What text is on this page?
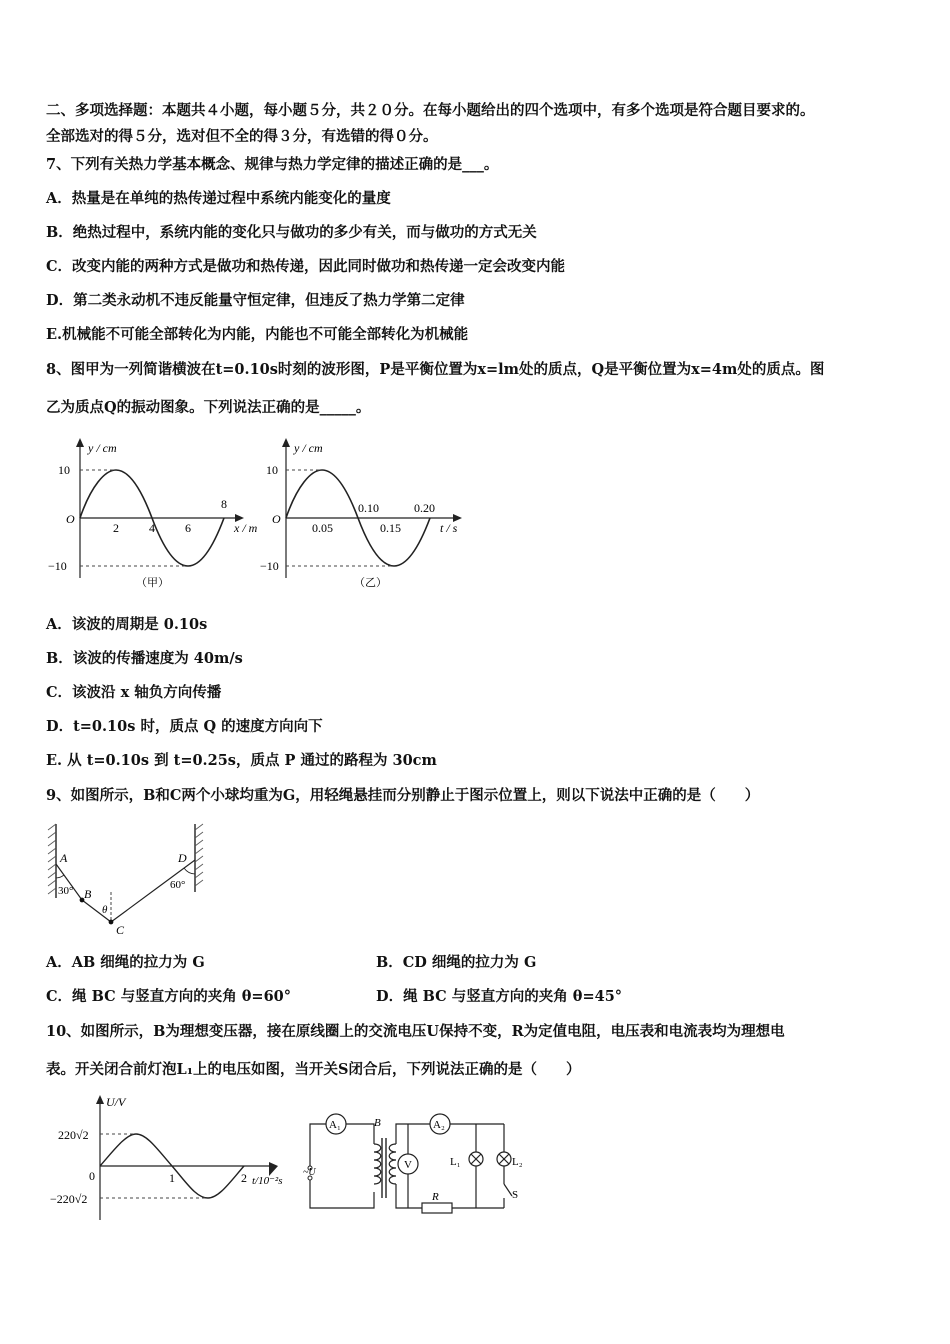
二、多项选择题：本题共４小题，每小题５分，共２０分。在每小题给出的四个选项中，有多个选项是符合题目要求的。
全部选对的得５分，选对但不全的得３分，有选错的得０分。
7、下列有关热力学基本概念、规律与热力学定律的描述正确的是___。
A．热量是在单纯的热传递过程中系统内能变化的量度
B．绝热过程中，系统内能的变化只与做功的多少有关，而与做功的方式无关
C．改变内能的两种方式是做功和热传递，因此同时做功和热传递一定会改变内能
D．第二类永动机不违反能量守恒定律，但违反了热力学第二定律
E.机械能不可能全部转化为内能，内能也不可能全部转化为机械能
8、图甲为一列简谐横波在t=0.10s时刻的波形图，P是平衡位置为x=lm处的质点，Q是平衡位置为x=4m处的质点。图
乙为质点Q的振动图象。下列说法正确的是_____。
y / cm
10
−10
O
2	4	6
8
x / m
（甲）
y / cm
10
−10
O
0.05
0.10
0.15
0.20
t / s
（乙）
A．该波的周期是 0.10s
B．该波的传播速度为 40m/s
C．该波沿 x 轴负方向传播
D．t=0.10s 时，质点 Q 的速度方向向下
E. 从 t=0.10s 到 t=0.25s，质点 P 通过的路程为 30cm
9、如图所示，B和C两个小球均重为G，用轻绳悬挂而分别静止于图示位置上，则以下说法中正确的是（　　）
A
B
C
D
30°	60°
θ
A．AB 细绳的拉力为 G	B．CD 细绳的拉力为 G
C．绳 BC 与竖直方向的夹角 θ=60°	D．绳 BC 与竖直方向的夹角 θ=45°
10、如图所示，B为理想变压器，接在原线圈上的交流电压U保持不变，R为定值电阻，电压表和电流表均为理想电
表。开关闭合前灯泡L₁上的电压如图，当开关S闭合后，下列说法正确的是（　　）
U/V
220√2
−220√2
0	1	2 t/10⁻²s
A₁	A₂
V
B
~U
L₁	L₂
R	S
